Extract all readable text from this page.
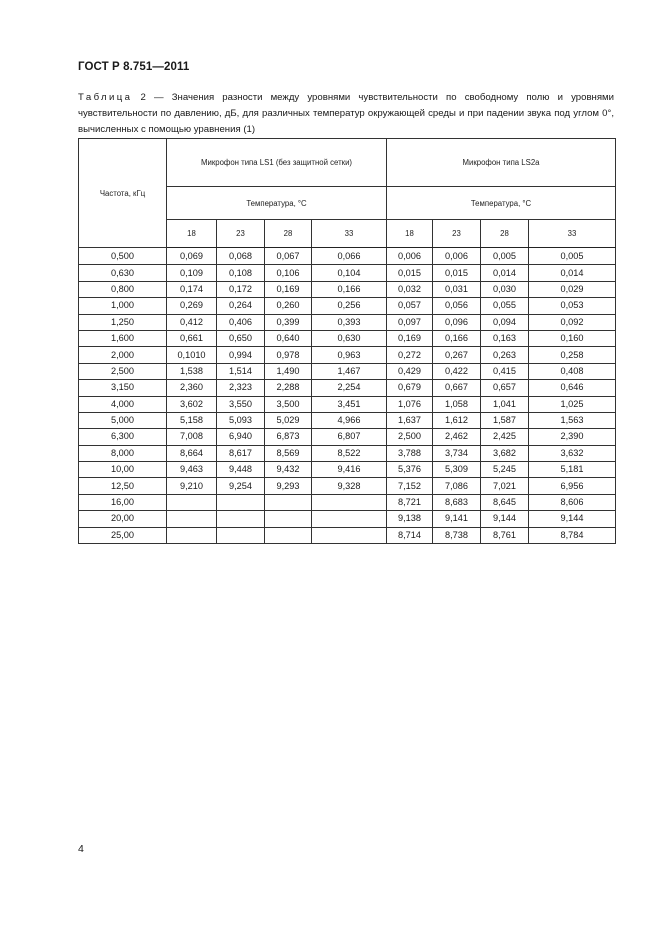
ГОСТ Р 8.751—2011
Таблица 2 — Значения разности между уровнями чувствительности по свободному полю и уровнями чувствительности по давлению, дБ, для различных температур окружающей среды и при падении звука под углом 0°, вычисленных с помощью уравнения (1)
Частота, кГц	Микрофон типа LS1 (без защитной сетки)				Микрофон типа LS2a			
	Температура, °C				Температура, °C			
	18	23	28	33	18	23	28	33
0,500	0,069	0,068	0,067	0,066	0,006	0,006	0,005	0,005
0,630	0,109	0,108	0,106	0,104	0,015	0,015	0,014	0,014
0,800	0,174	0,172	0,169	0,166	0,032	0,031	0,030	0,029
1,000	0,269	0,264	0,260	0,256	0,057	0,056	0,055	0,053
1,250	0,412	0,406	0,399	0,393	0,097	0,096	0,094	0,092
1,600	0,661	0,650	0,640	0,630	0,169	0,166	0,163	0,160
2,000	0,1010	0,994	0,978	0,963	0,272	0,267	0,263	0,258
2,500	1,538	1,514	1,490	1,467	0,429	0,422	0,415	0,408
3,150	2,360	2,323	2,288	2,254	0,679	0,667	0,657	0,646
4,000	3,602	3,550	3,500	3,451	1,076	1,058	1,041	1,025
5,000	5,158	5,093	5,029	4,966	1,637	1,612	1,587	1,563
6,300	7,008	6,940	6,873	6,807	2,500	2,462	2,425	2,390
8,000	8,664	8,617	8,569	8,522	3,788	3,734	3,682	3,632
10,00	9,463	9,448	9,432	9,416	5,376	5,309	5,245	5,181
12,50	9,210	9,254	9,293	9,328	7,152	7,086	7,021	6,956
16,00					8,721	8,683	8,645	8,606
20,00					9,138	9,141	9,144	9,144
25,00					8,714	8,738	8,761	8,784
4
